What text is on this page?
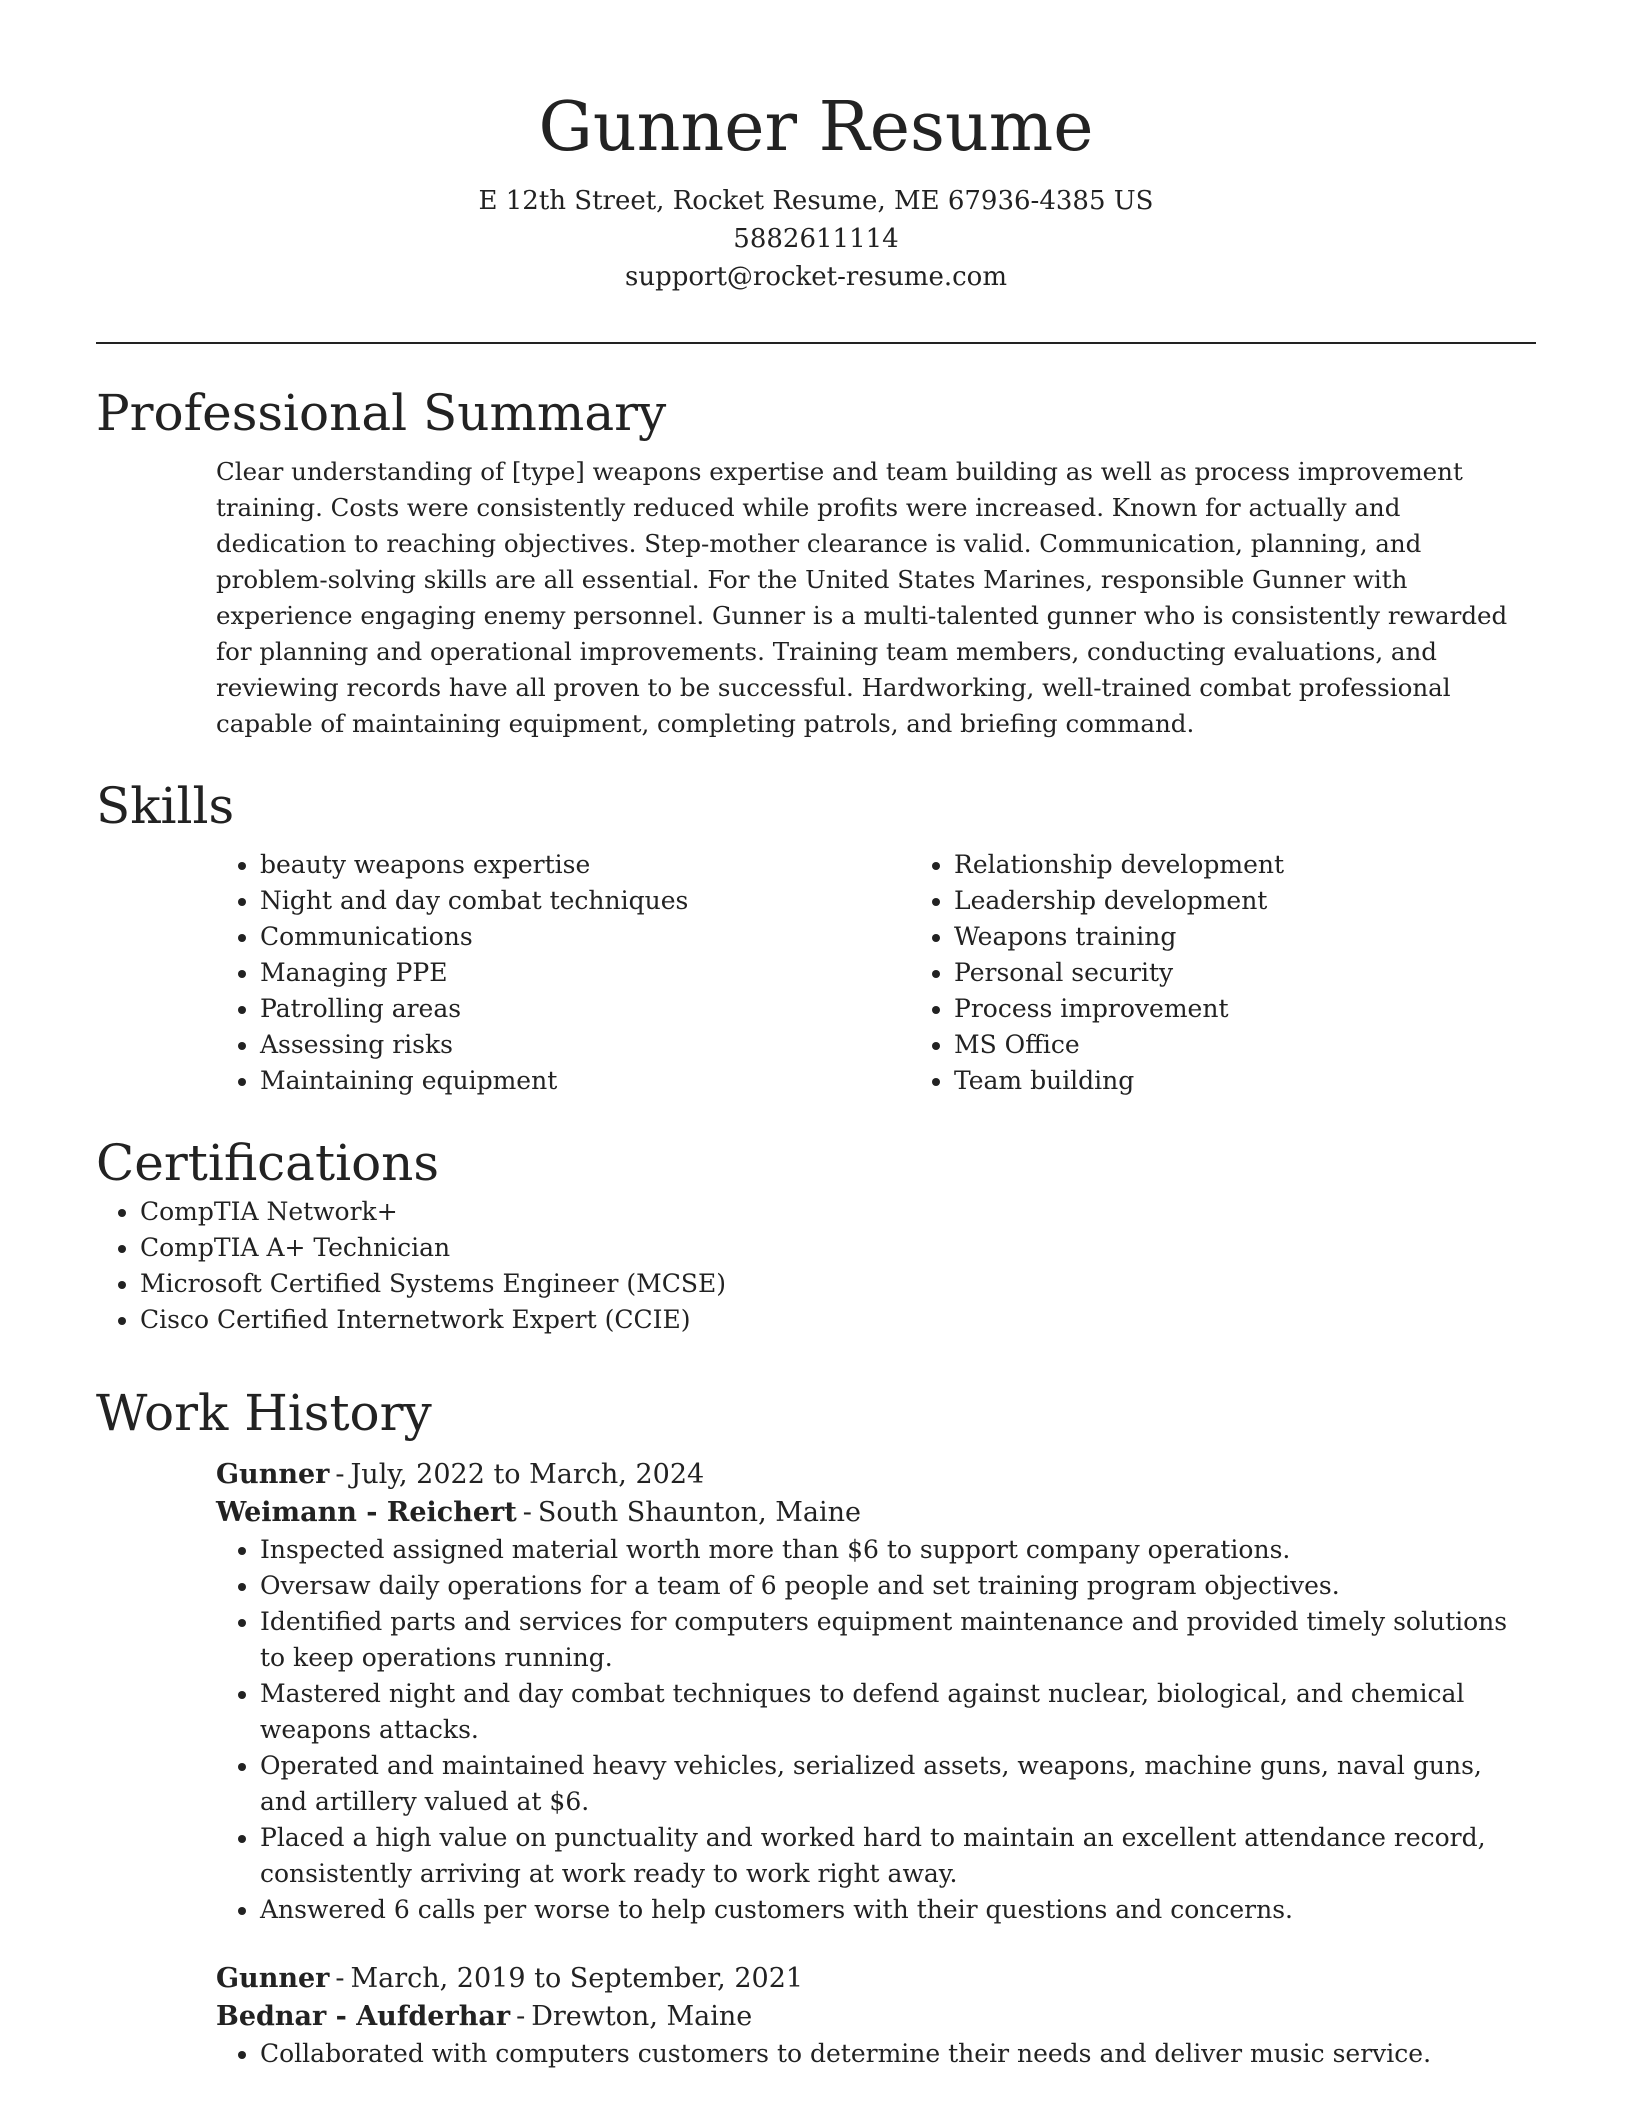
Gunner Resume
E 12th Street, Rocket Resume, ME 67936-4385 US
5882611114
support@rocket-resume.com
Professional Summary

Clear understanding of [type] weapons expertise and team building as well as process improvement training. Costs were consistently reduced while profits were increased. Known for actually and dedication to reaching objectives. Step-mother clearance is valid. Communication, planning, and problem-solving skills are all essential. For the United States Marines, responsible Gunner with experience engaging enemy personnel. Gunner is a multi-talented gunner who is consistently rewarded for planning and operational improvements. Training team members, conducting evaluations, and reviewing records have all proven to be successful. Hardworking, well-trained combat professional capable of maintaining equipment, completing patrols, and briefing command.

Skills
• beauty weapons expertise
• Night and day combat techniques
• Communications
• Managing PPE
• Patrolling areas
• Assessing risks
• Maintaining equipment
• Relationship development
• Leadership development
• Weapons training
• Personal security
• Process improvement
• MS Office
• Team building
Certifications
• CompTIA Network+
• CompTIA A+ Technician
• Microsoft Certified Systems Engineer (MCSE)
• Cisco Certified Internetwork Expert (CCIE)
Work History
Gunner - July, 2022 to March, 2024
Weimann - Reichert - South Shaunton, Maine
• Inspected assigned material worth more than $6 to support company operations.
• Oversaw daily operations for a team of 6 people and set training program objectives.
• Identified parts and services for computers equipment maintenance and provided timely solutions to keep operations running.
• Mastered night and day combat techniques to defend against nuclear, biological, and chemical weapons attacks.
• Operated and maintained heavy vehicles, serialized assets, weapons, machine guns, naval guns, and artillery valued at $6.
• Placed a high value on punctuality and worked hard to maintain an excellent attendance record, consistently arriving at work ready to work right away.
• Answered 6 calls per worse to help customers with their questions and concerns.
Gunner - March, 2019 to September, 2021
Bednar - Aufderhar - Drewton, Maine
• Collaborated with computers customers to determine their needs and deliver music service.
